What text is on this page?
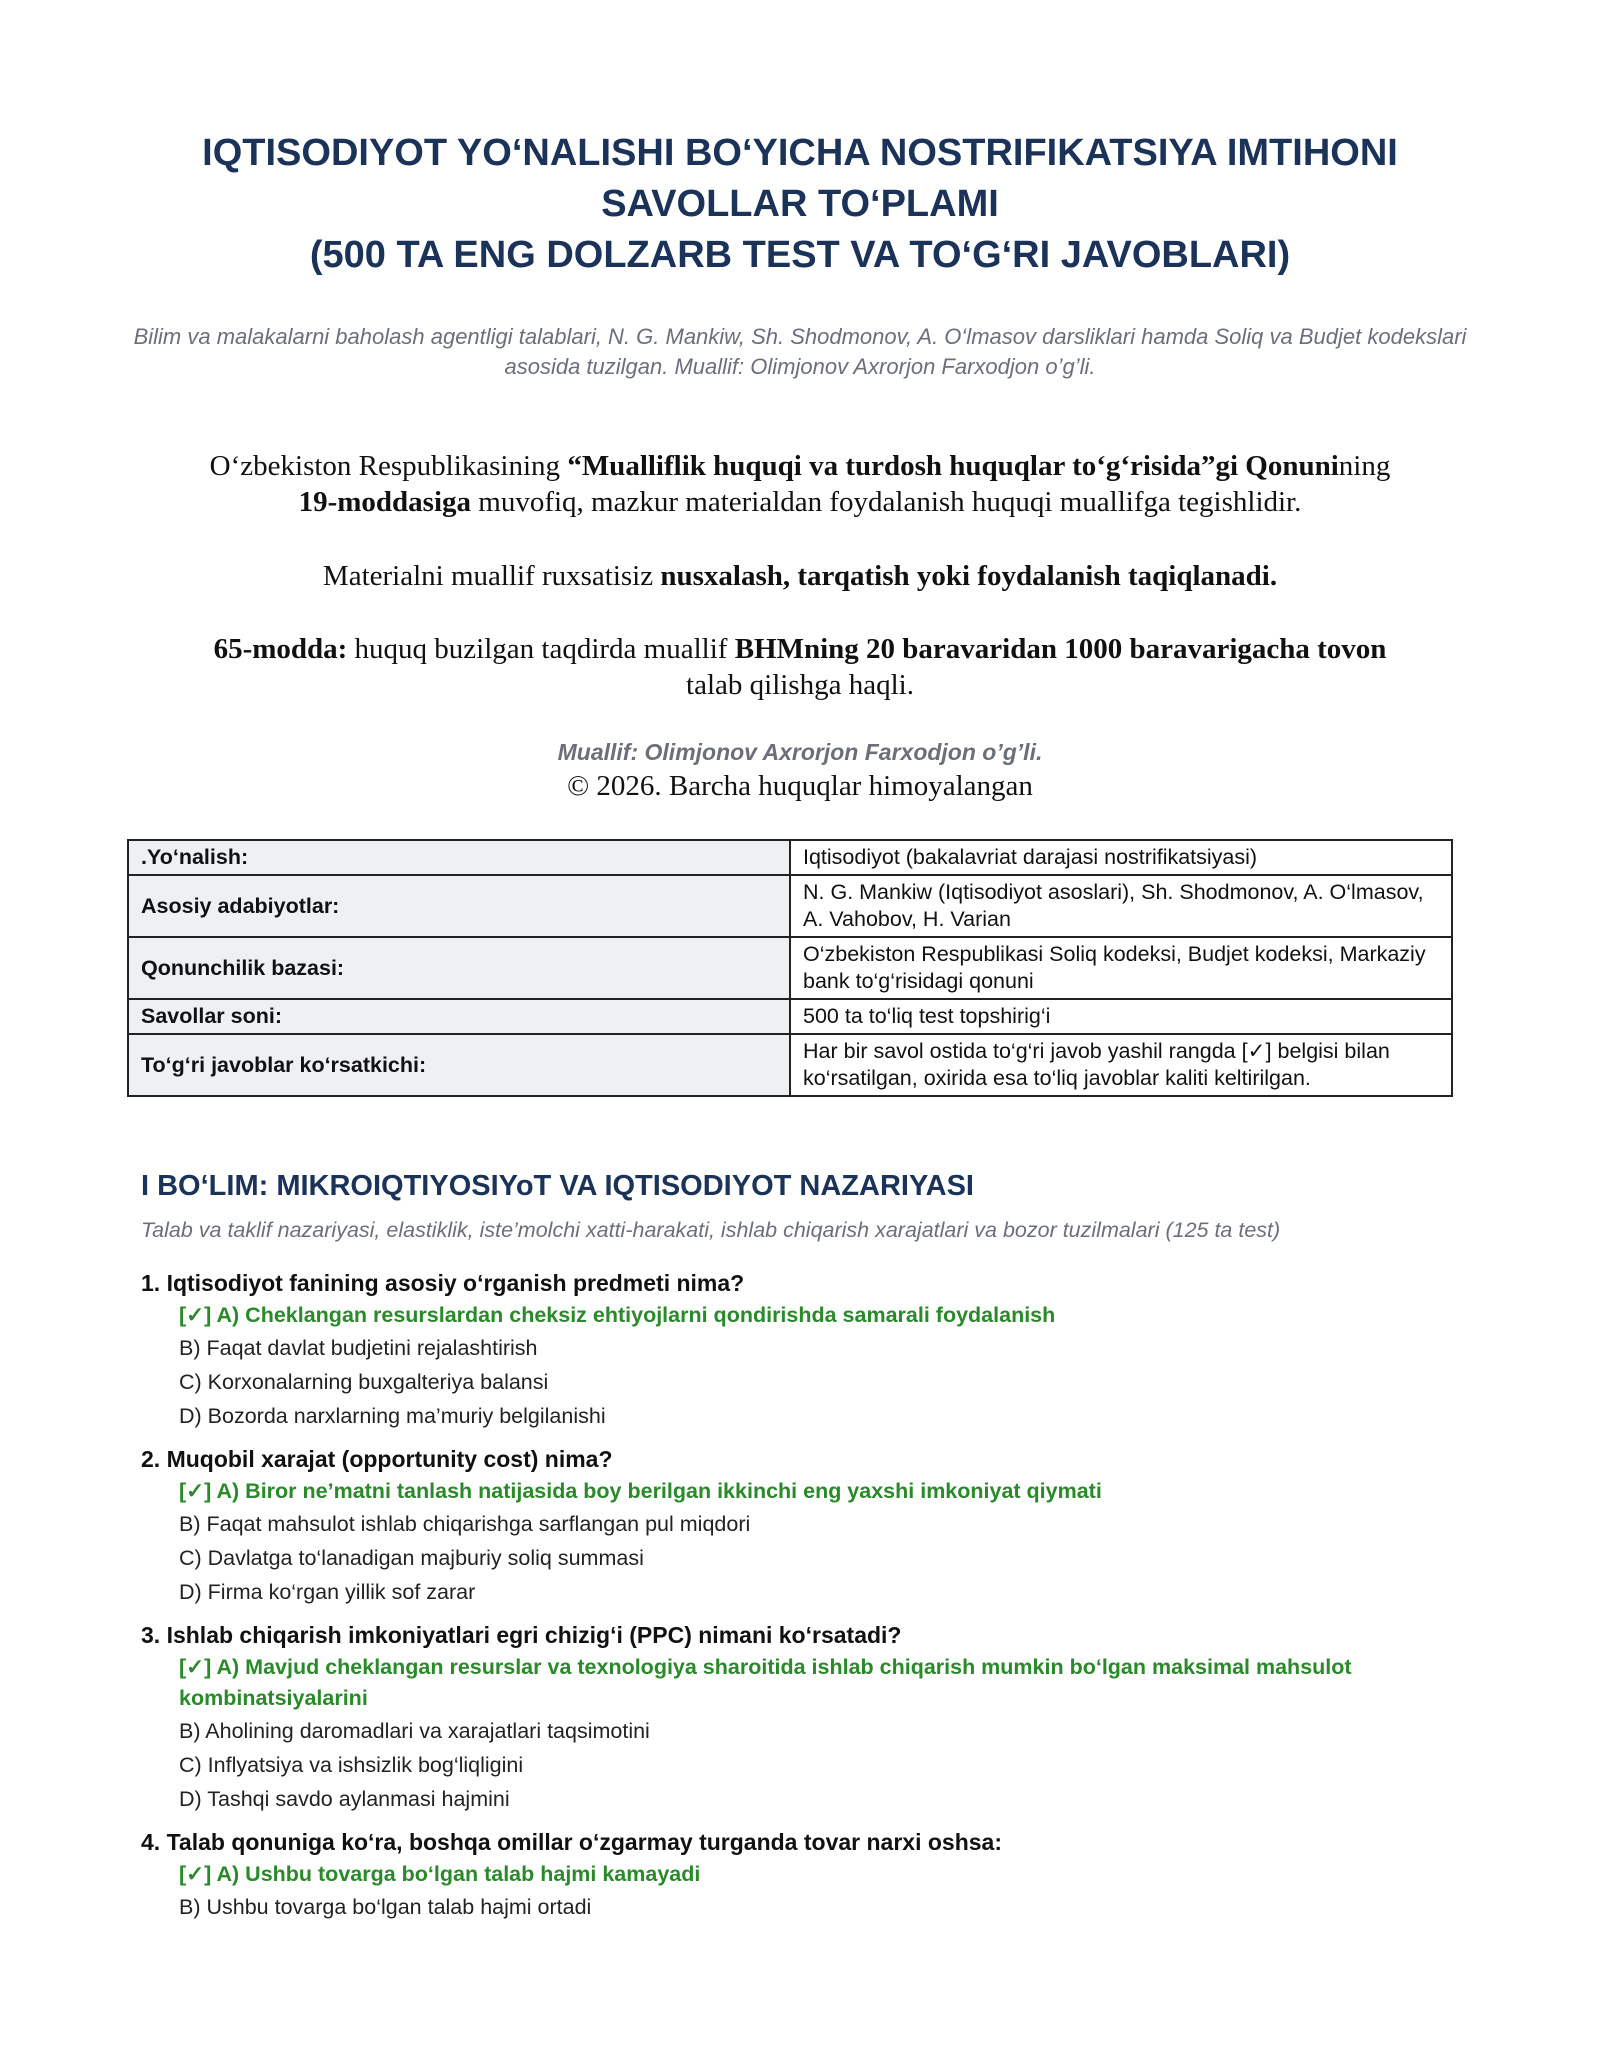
IQTISODIYOT YO‘NALISHI BO‘YICHA NOSTRIFIKATSIYA IMTIHONI
SAVOLLAR TO‘PLAMI
(500 TA ENG DOLZARB TEST VA TO‘G‘RI JAVOBLARI)
Bilim va malakalarni baholash agentligi talablari, N. G. Mankiw, Sh. Shodmonov, A. O‘lmasov darsliklari hamda Soliq va Budjet kodekslari asosida tuzilgan. Muallif: Olimjonov Axrorjon Farxodjon o’g’li.
O‘zbekiston Respublikasining “Mualliflik huquqi va turdosh huquqlar to‘g‘risida”gi Qonunining
19-moddasiga muvofiq, mazkur materialdan foydalanish huquqi muallifga tegishlidir.
Materialni muallif ruxsatisiz nusxalash, tarqatish yoki foydalanish taqiqlanadi.
65-modda: huquq buzilgan taqdirda muallif BHMning 20 baravaridan 1000 baravarigacha tovon
talab qilishga haqli.
Muallif: Olimjonov Axrorjon Farxodjon o’g’li.
© 2026. Barcha huquqlar himoyalangan
.Yo‘nalish:	Iqtisodiyot (bakalavriat darajasi nostrifikatsiyasi)
Asosiy adabiyotlar:	N. G. Mankiw (Iqtisodiyot asoslari), Sh. Shodmonov, A. O‘lmasov, A. Vahobov, H. Varian
Qonunchilik bazasi:	O‘zbekiston Respublikasi Soliq kodeksi, Budjet kodeksi, Markaziy bank to‘g‘risidagi qonuni
Savollar soni:	500 ta to‘liq test topshirig‘i
To‘g‘ri javoblar ko‘rsatkichi:	Har bir savol ostida to‘g‘ri javob yashil rangda [✓] belgisi bilan ko‘rsatilgan, oxirida esa to‘liq javoblar kaliti keltirilgan.
I BO‘LIM: MIKROIQTIYOSIYoT VA IQTISODIYOT NAZARIYASI
Talab va taklif nazariyasi, elastiklik, iste’molchi xatti-harakati, ishlab chiqarish xarajatlari va bozor tuzilmalari (125 ta test)
1. Iqtisodiyot fanining asosiy o‘rganish predmeti nima?
[✓] A) Cheklangan resurslardan cheksiz ehtiyojlarni qondirishda samarali foydalanish
B) Faqat davlat budjetini rejalashtirish
C) Korxonalarning buxgalteriya balansi
D) Bozorda narxlarning ma’muriy belgilanishi
2. Muqobil xarajat (opportunity cost) nima?
[✓] A) Biror ne’matni tanlash natijasida boy berilgan ikkinchi eng yaxshi imkoniyat qiymati
B) Faqat mahsulot ishlab chiqarishga sarflangan pul miqdori
C) Davlatga to‘lanadigan majburiy soliq summasi
D) Firma ko‘rgan yillik sof zarar
3. Ishlab chiqarish imkoniyatlari egri chizig‘i (PPC) nimani ko‘rsatadi?
[✓] A) Mavjud cheklangan resurslar va texnologiya sharoitida ishlab chiqarish mumkin bo‘lgan maksimal mahsulot kombinatsiyalarini
B) Aholining daromadlari va xarajatlari taqsimotini
C) Inflyatsiya va ishsizlik bog‘liqligini
D) Tashqi savdo aylanmasi hajmini
4. Talab qonuniga ko‘ra, boshqa omillar o‘zgarmay turganda tovar narxi oshsa:
[✓] A) Ushbu tovarga bo‘lgan talab hajmi kamayadi
B) Ushbu tovarga bo‘lgan talab hajmi ortadi
